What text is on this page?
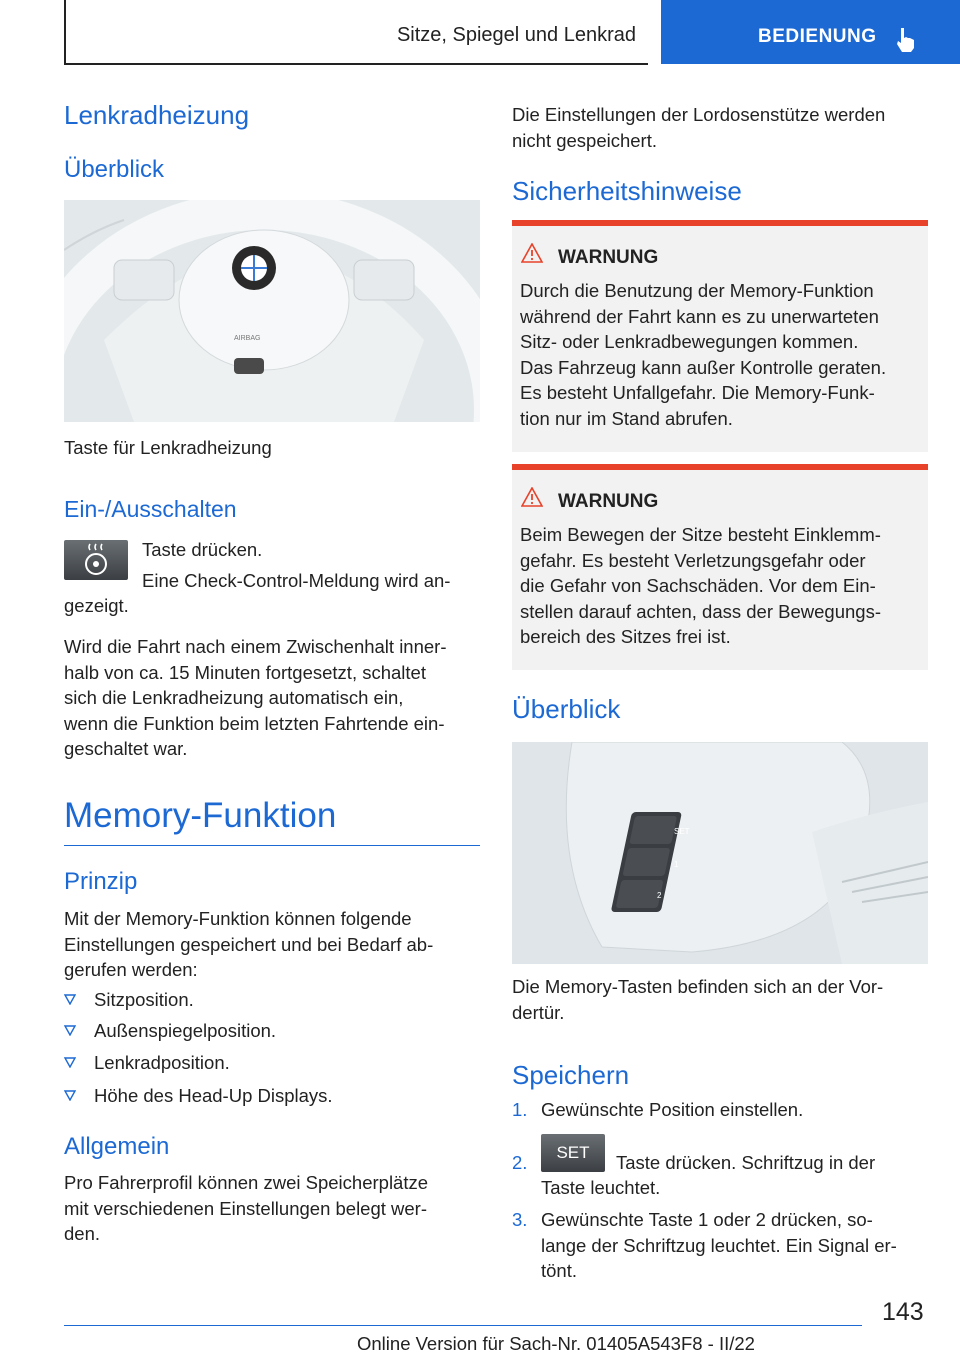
Sitze, Spiegel und Lenkrad	BEDIENUNG
Lenkradheizung
Überblick
AIRBAG
Taste für Lenkradheizung
Ein-/Ausschalten
Taste drücken.
Eine Check-Control-Meldung wird an-
gezeigt.
Wird die Fahrt nach einem Zwischenhalt inner-
halb von ca. 15 Minuten fortgesetzt, schaltet
sich die Lenkradheizung automatisch ein,
wenn die Funktion beim letzten Fahrtende ein-
geschaltet war.
Memory-Funktion
Prinzip
Mit der Memory-Funktion können folgende
Einstellungen gespeichert und bei Bedarf ab-
gerufen werden:
Sitzposition.
Außenspiegelposition.
Lenkradposition.
Höhe des Head-Up Displays.
Allgemein
Pro Fahrerprofil können zwei Speicherplätze
mit verschiedenen Einstellungen belegt wer-
den.
Die Einstellungen der Lordosenstütze werden
nicht gespeichert.
Sicherheitshinweise
WARNUNG
Durch die Benutzung der Memory-Funktion
während der Fahrt kann es zu unerwarteten
Sitz- oder Lenkradbewegungen kommen.
Das Fahrzeug kann außer Kontrolle geraten.
Es besteht Unfallgefahr. Die Memory-Funk-
tion nur im Stand abrufen.
WARNUNG
Beim Bewegen der Sitze besteht Einklemm-
gefahr. Es besteht Verletzungsgefahr oder
die Gefahr von Sachschäden. Vor dem Ein-
stellen darauf achten, dass der Bewegungs-
bereich des Sitzes frei ist.
Überblick
SET
1
2
Die Memory-Tasten befinden sich an der Vor-
dertür.
Speichern
1. Gewünschte Position einstellen.
2.	SET	Taste drücken. Schriftzug in der
Taste leuchtet.
3. Gewünschte Taste 1 oder 2 drücken, so-
lange der Schriftzug leuchtet. Ein Signal er-
tönt.
143
Online Version für Sach-Nr. 01405A543F8 - II/22
